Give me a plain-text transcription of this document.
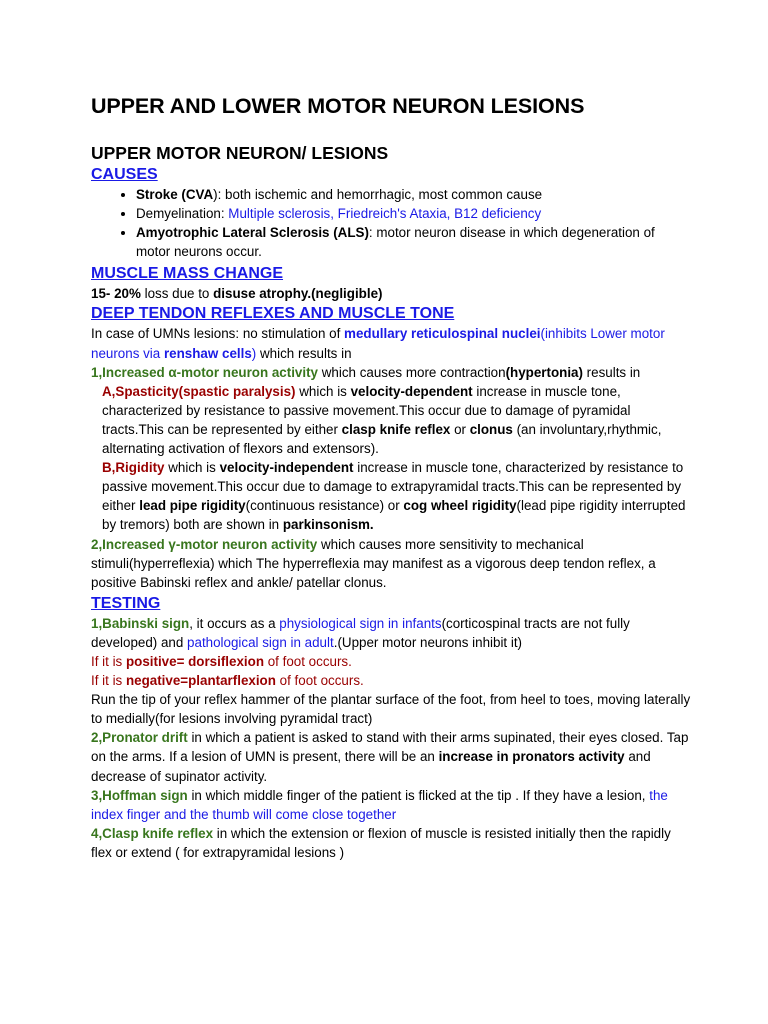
UPPER AND LOWER MOTOR NEURON LESIONS
UPPER MOTOR NEURON/ LESIONS
CAUSES
• Stroke (CVA): both ischemic and hemorrhagic, most common cause
• Demyelination: Multiple sclerosis, Friedreich's Ataxia, B12 deficiency
• Amyotrophic Lateral Sclerosis (ALS): motor neuron disease in which degeneration of motor neurons occur.
MUSCLE MASS CHANGE

15- 20% loss due to disuse atrophy.(negligible)

DEEP TENDON REFLEXES AND MUSCLE TONE

In case of UMNs lesions: no stimulation of medullary reticulospinal nuclei(inhibits Lower motor neurons via renshaw cells) which results in

1,Increased α-motor neuron activity which causes more contraction(hypertonia) results in

A,Spasticity(spastic paralysis) which is velocity-dependent increase in muscle tone, characterized by resistance to passive movement.This occur due to damage of pyramidal tracts.This can be represented by either clasp knife reflex or clonus (an involuntary,rhythmic, alternating activation of flexors and extensors).

B,Rigidity which is velocity-independent increase in muscle tone, characterized by resistance to passive movement.This occur due to damage to extrapyramidal tracts.This can be represented by either lead pipe rigidity(continuous resistance) or cog wheel rigidity(lead pipe rigidity interrupted by tremors) both are shown in parkinsonism.

2,Increased γ-motor neuron activity which causes more sensitivity to mechanical stimuli(hyperreflexia) which The hyperreflexia may manifest as a vigorous deep tendon reflex, a positive Babinski reflex and ankle/ patellar clonus.

TESTING

1,Babinski sign, it occurs as a physiological sign in infants(corticospinal tracts are not fully developed) and pathological sign in adult.(Upper motor neurons inhibit it)

If it is positive= dorsiflexion of foot occurs.

If it is negative=plantarflexion of foot occurs.

Run the tip of your reflex hammer of the plantar surface of the foot, from heel to toes, moving laterally to medially(for lesions involving pyramidal tract)

2,Pronator drift in which a patient is asked to stand with their arms supinated, their eyes closed. Tap on the arms. If a lesion of UMN is present, there will be an increase in pronators activity and decrease of supinator activity.

3,Hoffman sign in which middle finger of the patient is flicked at the tip . If they have a lesion, the index finger and the thumb will come close together

4,Clasp knife reflex in which the extension or flexion of muscle is resisted initially then the rapidly flex or extend ( for extrapyramidal lesions )
